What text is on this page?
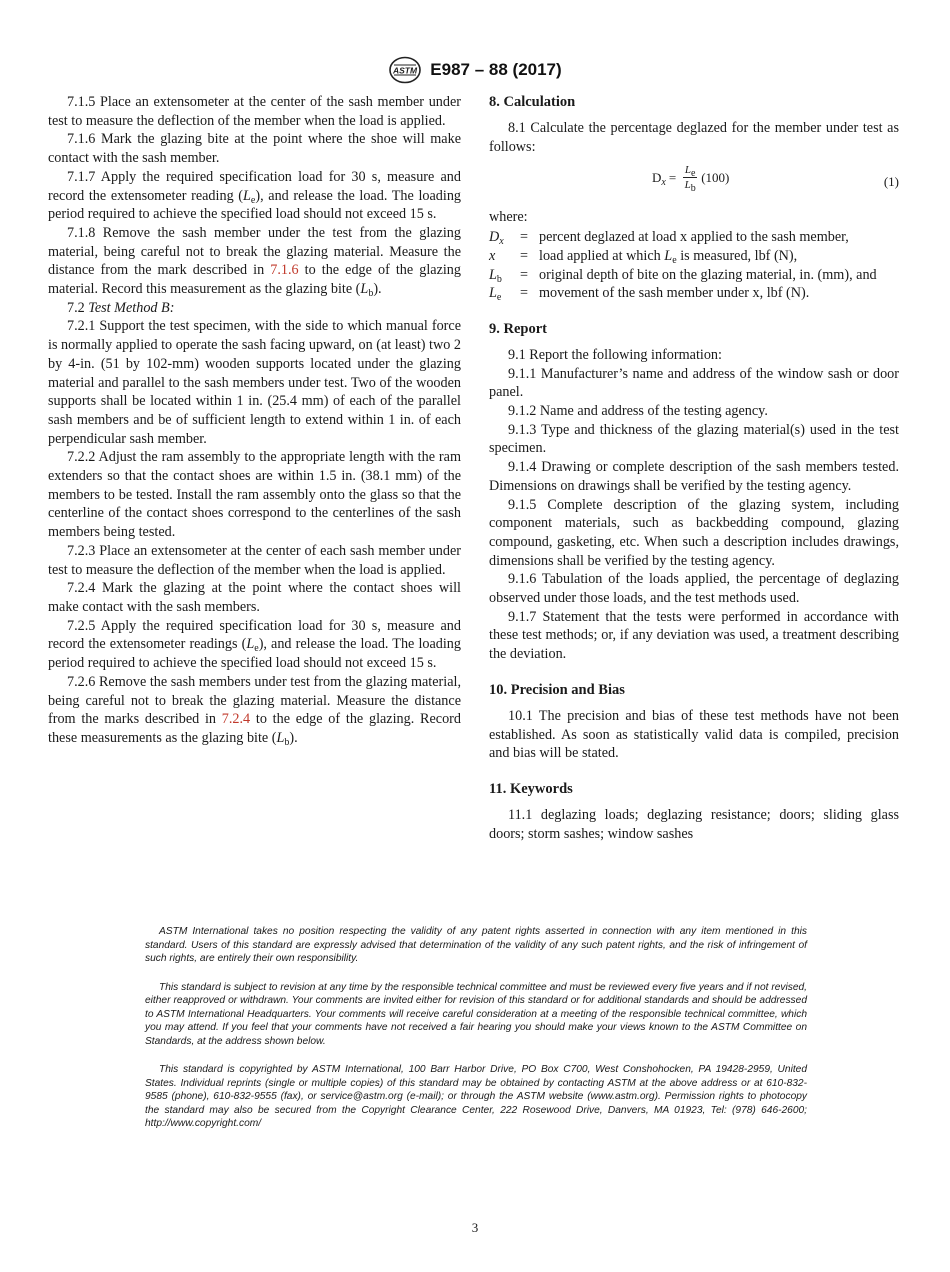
ASTM E987 – 88 (2017)

7.1.5 Place an extensometer at the center of the sash member under test to measure the deflection of the member when the load is applied.

7.1.6 Mark the glazing bite at the point where the shoe will make contact with the sash member.

7.1.7 Apply the required specification load for 30 s, measure and record the extensometer reading $(L_e)$, and release the load. The loading period required to achieve the specified load should not exceed 15 s.

7.1.8 Remove the sash member under the test from the glazing material, being careful not to break the glazing material. Measure the distance from the mark described in 7.1.6 to the edge of the glazing material. Record this measurement as the glazing bite $(L_b)$.

7.2 Test Method B:

7.2.1 Support the test specimen, with the side to which manual force is normally applied to operate the sash facing upward, on (at least) two 2 by 4-in. (51 by 102-mm) wooden supports located under the glazing material and parallel to the sash members under test. Two of the wooden supports shall be located within 1 in. (25.4 mm) of each of the parallel sash members and be of sufficient length to extend within 1 in. of each perpendicular sash member.

7.2.2 Adjust the ram assembly to the appropriate length with the ram extenders so that the contact shoes are within 1.5 in. (38.1 mm) of the members to be tested. Install the ram assembly onto the glass so that the centerline of the contact shoes correspond to the centerlines of the sash members being tested.

7.2.3 Place an extensometer at the center of each sash member under test to measure the deflection of the member when the load is applied.

7.2.4 Mark the glazing at the point where the contact shoes will make contact with the sash members.

7.2.5 Apply the required specification load for 30 s, measure and record the extensometer readings $(L_e)$, and release the load. The loading period required to achieve the specified load should not exceed 15 s.

7.2.6 Remove the sash members under test from the glazing material, being careful not to break the glazing material. Measure the distance from the marks described in 7.2.4 to the edge of the glazing. Record these measurements as the glazing bite $(L_b)$.

8. Calculation

8.1 Calculate the percentage deglazed for the member under test as follows:

$D_x = \frac{L_e}{L_b} (100)$	(1)

where:

$D_x$	= percent deglazed at load x applied to the sash member,
x	= load applied at which $L_e$ is measured, lbf (N),
$L_b$	= original depth of bite on the glazing material, in. (mm), and
$L_e$	= movement of the sash member under x, lbf (N).
9. Report

9.1 Report the following information:

9.1.1 Manufacturer’s name and address of the window sash or door panel.

9.1.2 Name and address of the testing agency.

9.1.3 Type and thickness of the glazing material(s) used in the test specimen.

9.1.4 Drawing or complete description of the sash members tested. Dimensions on drawings shall be verified by the testing agency.

9.1.5 Complete description of the glazing system, including component materials, such as backbedding compound, glazing compound, gasketing, etc. When such a description includes drawings, dimensions shall be verified by the testing agency.

9.1.6 Tabulation of the loads applied, the percentage of deglazing observed under those loads, and the test methods used.

9.1.7 Statement that the tests were performed in accordance with these test methods; or, if any deviation was used, a treatment describing the deviation.

10. Precision and Bias

10.1 The precision and bias of these test methods have not been established. As soon as statistically valid data is compiled, precision and bias will be stated.

11. Keywords

11.1 deglazing loads; deglazing resistance; doors; sliding glass doors; storm sashes; window sashes

ASTM International takes no position respecting the validity of any patent rights asserted in connection with any item mentioned in this standard. Users of this standard are expressly advised that determination of the validity of any such patent rights, and the risk of infringement of such rights, are entirely their own responsibility.

This standard is subject to revision at any time by the responsible technical committee and must be reviewed every five years and if not revised, either reapproved or withdrawn. Your comments are invited either for revision of this standard or for additional standards and should be addressed to ASTM International Headquarters. Your comments will receive careful consideration at a meeting of the responsible technical committee, which you may attend. If you feel that your comments have not received a fair hearing you should make your views known to the ASTM Committee on Standards, at the address shown below.

This standard is copyrighted by ASTM International, 100 Barr Harbor Drive, PO Box C700, West Conshohocken, PA 19428-2959, United States. Individual reprints (single or multiple copies) of this standard may be obtained by contacting ASTM at the above address or at 610-832-9585 (phone), 610-832-9555 (fax), or service@astm.org (e-mail); or through the ASTM website (www.astm.org). Permission rights to photocopy the standard may also be secured from the Copyright Clearance Center, 222 Rosewood Drive, Danvers, MA 01923, Tel: (978) 646-2600; http://www.copyright.com/

3
